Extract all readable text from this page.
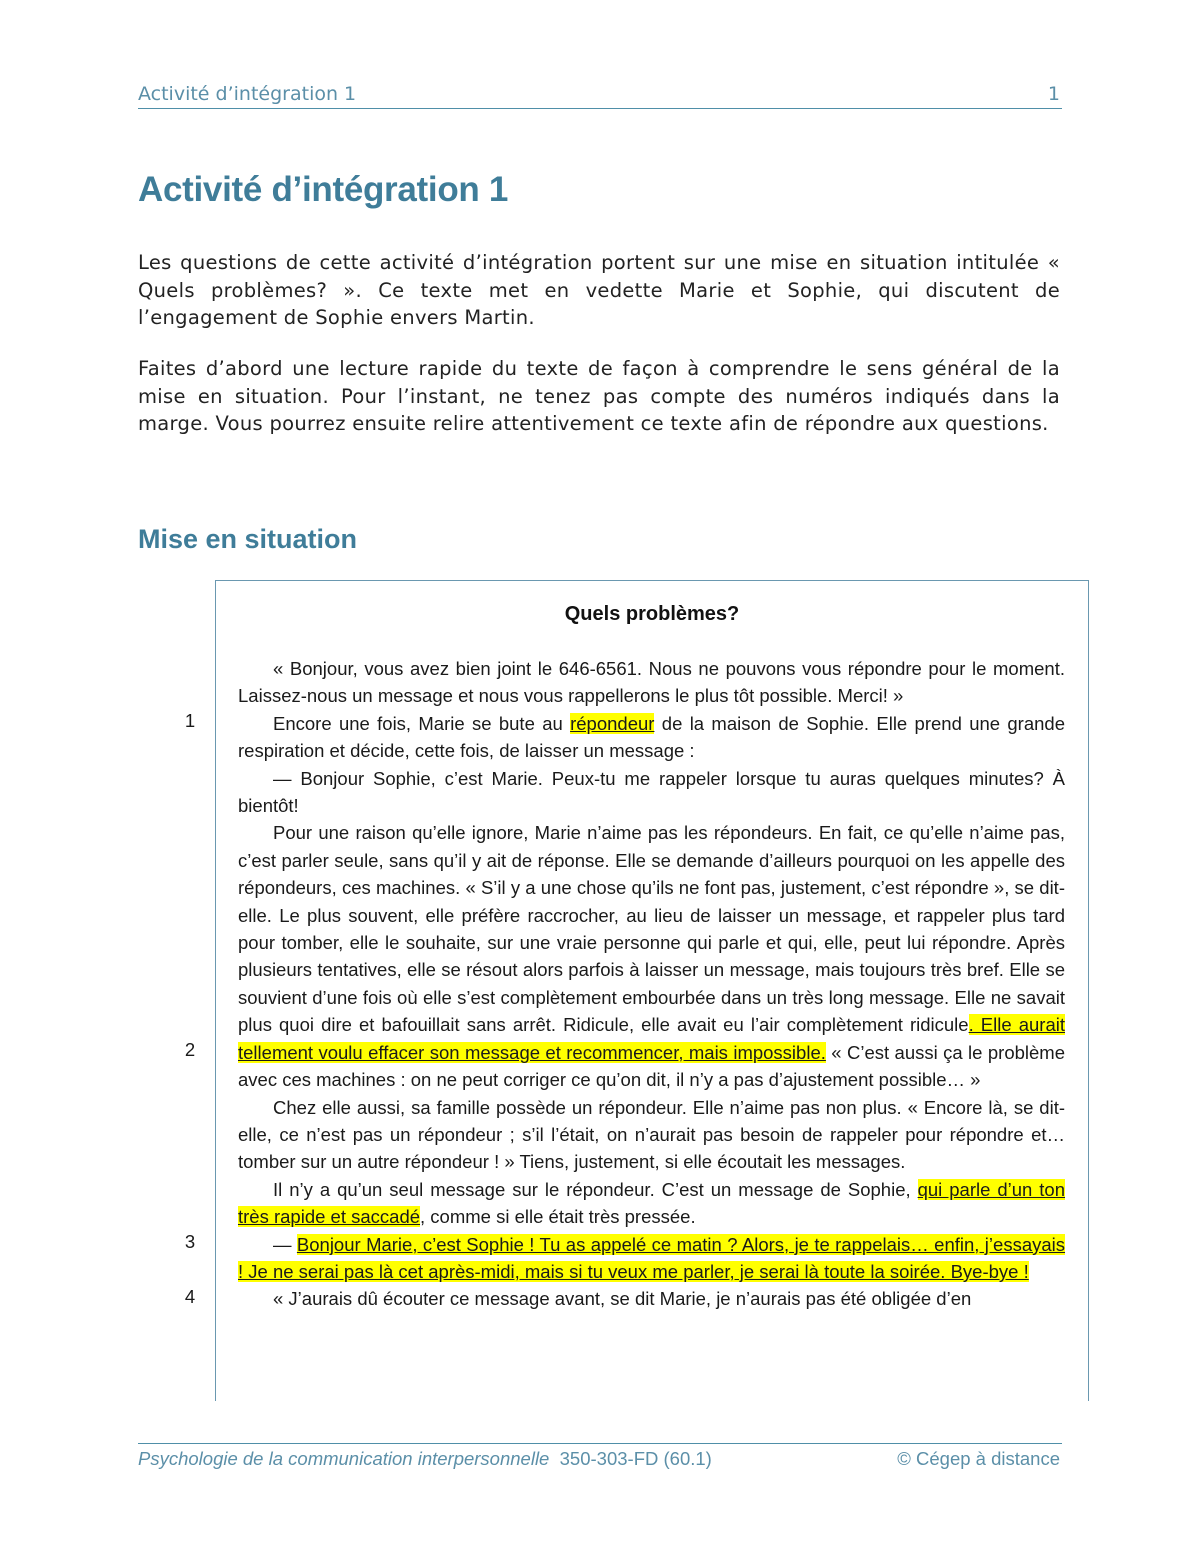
Activité d’intégration 1	1
Activité d’intégration 1

Les questions de cette activité d’intégration portent sur une mise en situation intitulée « Quels problèmes? ». Ce texte met en vedette Marie et Sophie, qui discutent de l’engagement de Sophie envers Martin.

Faites d’abord une lecture rapide du texte de façon à comprendre le sens général de la mise en situation. Pour l’instant, ne tenez pas compte des numéros indiqués dans la marge. Vous pourrez ensuite relire attentivement ce texte afin de répondre aux questions.

Mise en situation
Quels problèmes?
1
2
3
4

« Bonjour, vous avez bien joint le 646-6561. Nous ne pouvons vous répondre pour le moment. Laissez-nous un message et nous vous rappellerons le plus tôt possible. Merci! »

Encore une fois, Marie se bute au répondeur de la maison de Sophie. Elle prend une grande respiration et décide, cette fois, de laisser un message :

— Bonjour Sophie, c’est Marie. Peux-tu me rappeler lorsque tu auras quelques minutes? À bientôt!

Pour une raison qu’elle ignore, Marie n’aime pas les répondeurs. En fait, ce qu’elle n’aime pas, c’est parler seule, sans qu’il y ait de réponse. Elle se demande d’ailleurs pourquoi on les appelle des répondeurs, ces machines. « S’il y a une chose qu’ils ne font pas, justement, c’est répondre », se dit-elle. Le plus souvent, elle préfère raccrocher, au lieu de laisser un message, et rappeler plus tard pour tomber, elle le souhaite, sur une vraie personne qui parle et qui, elle, peut lui répondre. Après plusieurs tentatives, elle se résout alors parfois à laisser un message, mais toujours très bref. Elle se souvient d’une fois où elle s’est complètement embourbée dans un très long message. Elle ne savait plus quoi dire et bafouillait sans arrêt. Ridicule, elle avait eu l’air complètement ridicule. Elle aurait tellement voulu effacer son message et recommencer, mais impossible. « C’est aussi ça le problème avec ces machines : on ne peut corriger ce qu’on dit, il n’y a pas d’ajustement possible… »

Chez elle aussi, sa famille possède un répondeur. Elle n’aime pas non plus. « Encore là, se dit-elle, ce n’est pas un répondeur ; s’il l’était, on n’aurait pas besoin de rappeler pour répondre et… tomber sur un autre répondeur ! » Tiens, justement, si elle écoutait les messages.

Il n’y a qu’un seul message sur le répondeur. C’est un message de Sophie, qui parle d’un ton très rapide et saccadé, comme si elle était très pressée.

— Bonjour Marie, c’est Sophie ! Tu as appelé ce matin ? Alors, je te rappelais… enfin, j’essayais ! Je ne serai pas là cet après-midi, mais si tu veux me parler, je serai là toute la soirée. Bye-bye !

« J’aurais dû écouter ce message avant, se dit Marie, je n’aurais pas été obligée d’en

Psychologie de la communication interpersonnelle 350-303-FD (60.1)	© Cégep à distance
